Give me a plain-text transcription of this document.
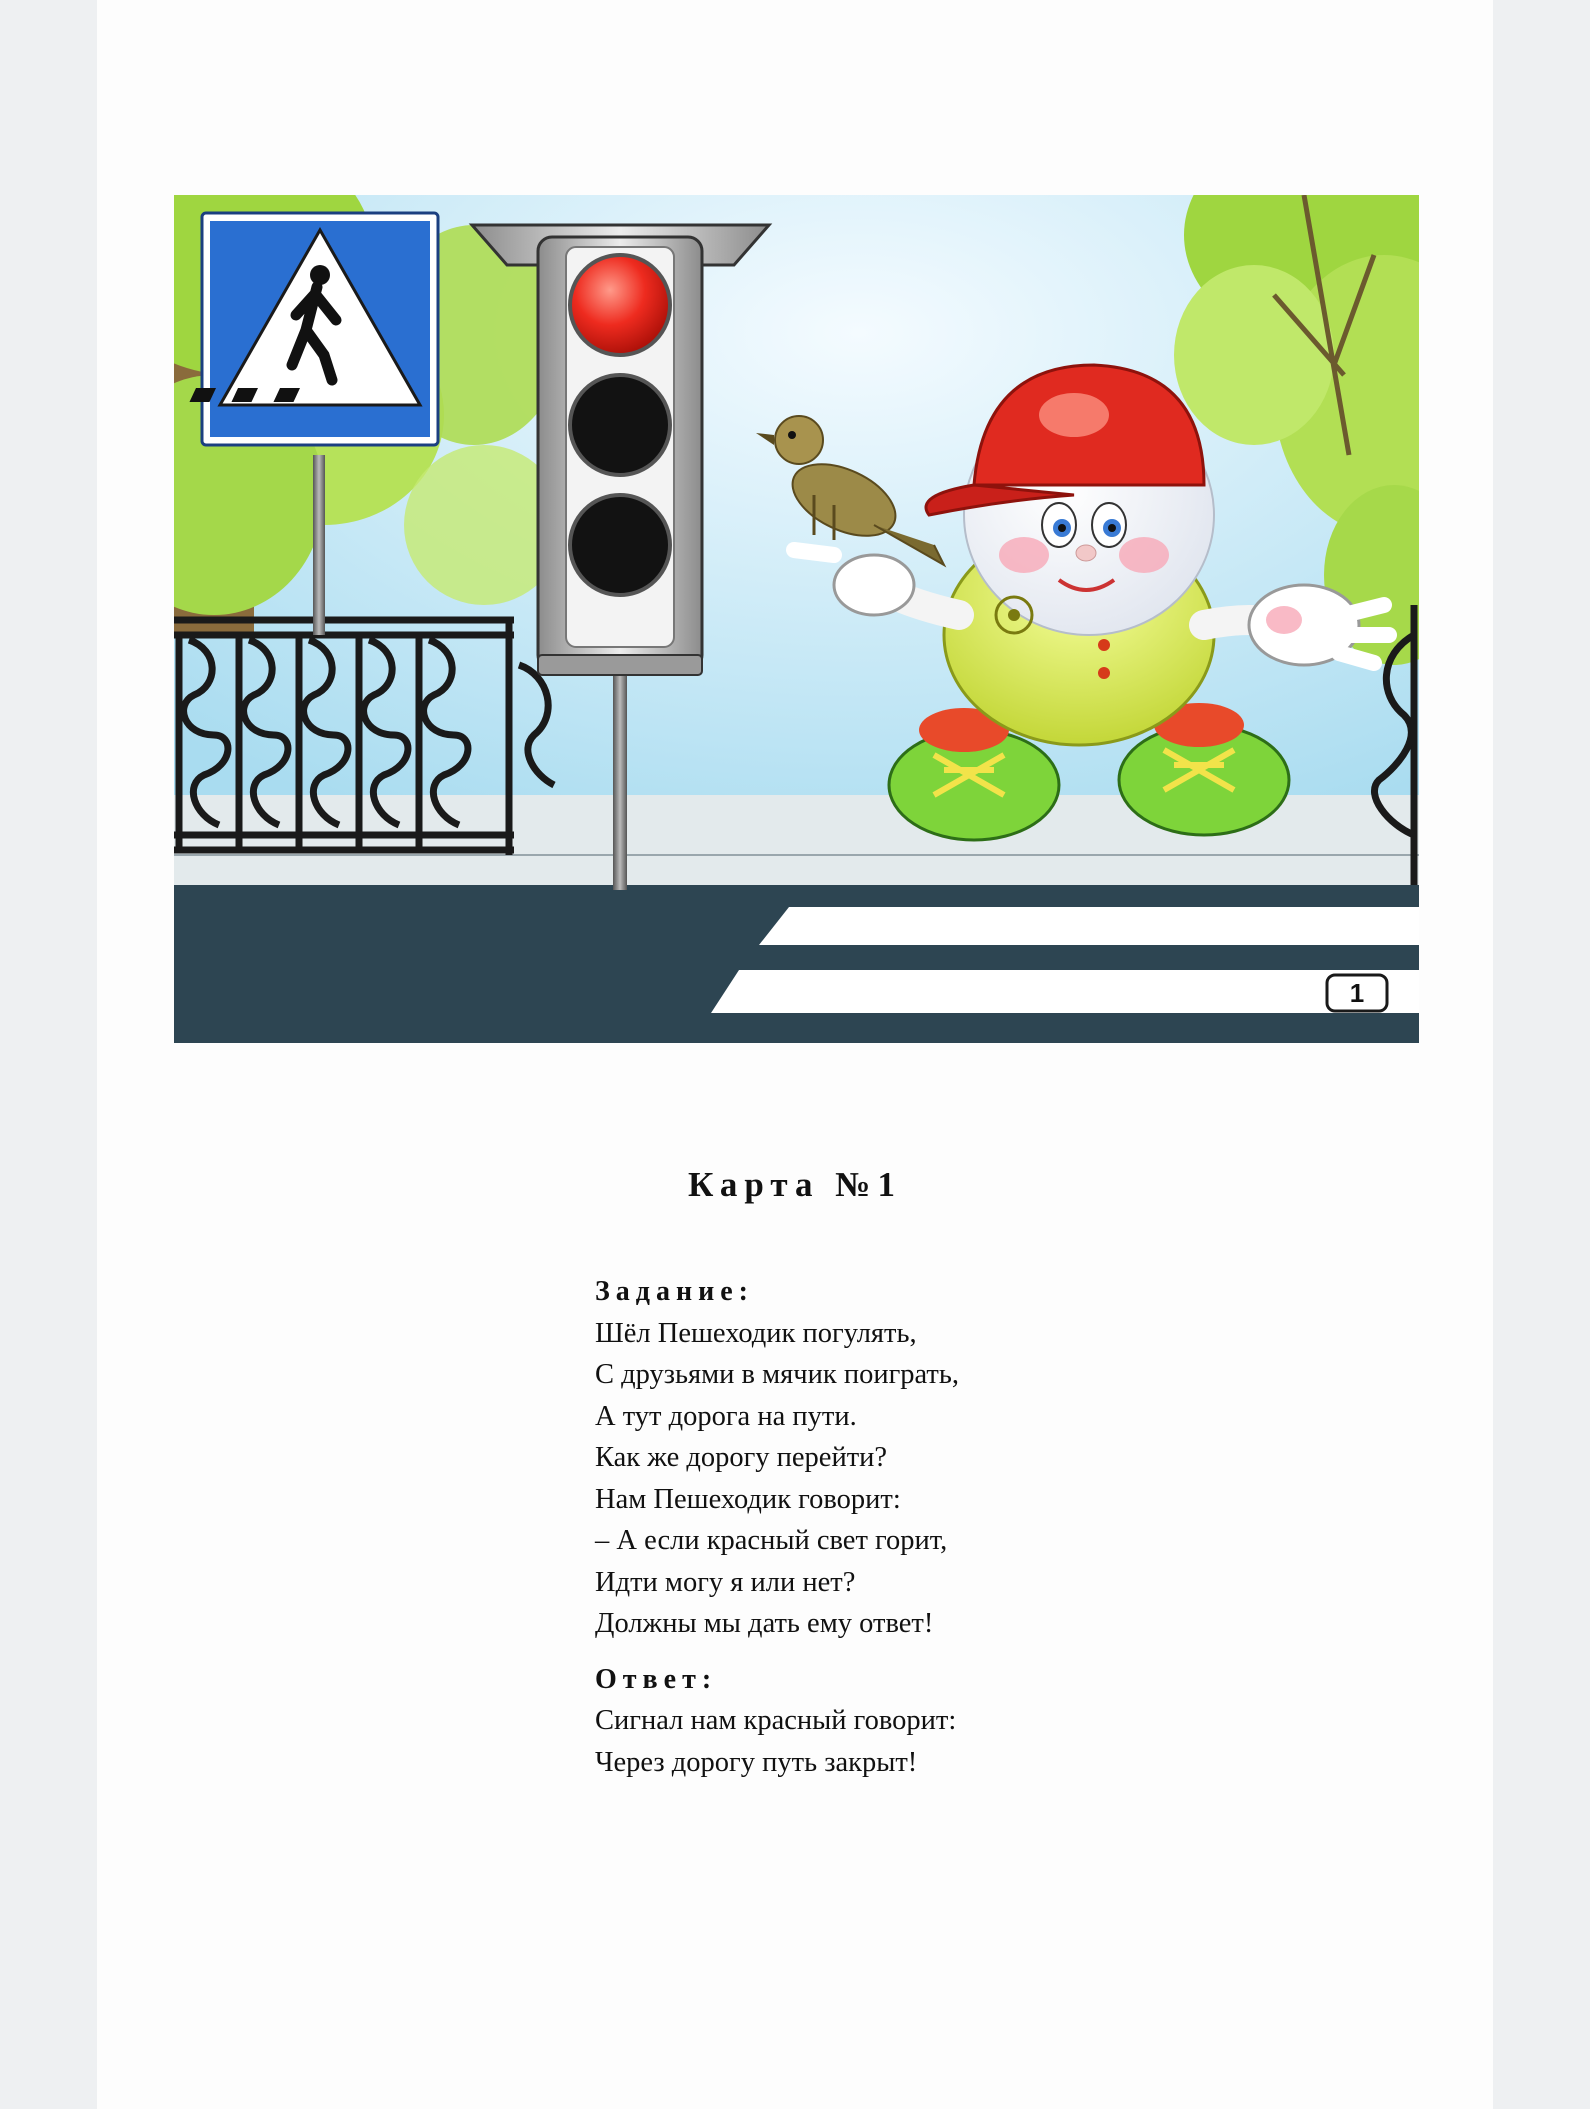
1
Карта №1
Задание:
Шёл Пешеходик погулять,
С друзьями в мячик поиграть,
А тут дорога на пути.
Как же дорогу перейти?
Нам Пешеходик говорит:
– А если красный свет горит,
Идти могу я или нет?
Должны мы дать ему ответ!
Ответ:
Сигнал нам красный говорит:
Через дорогу путь закрыт!
